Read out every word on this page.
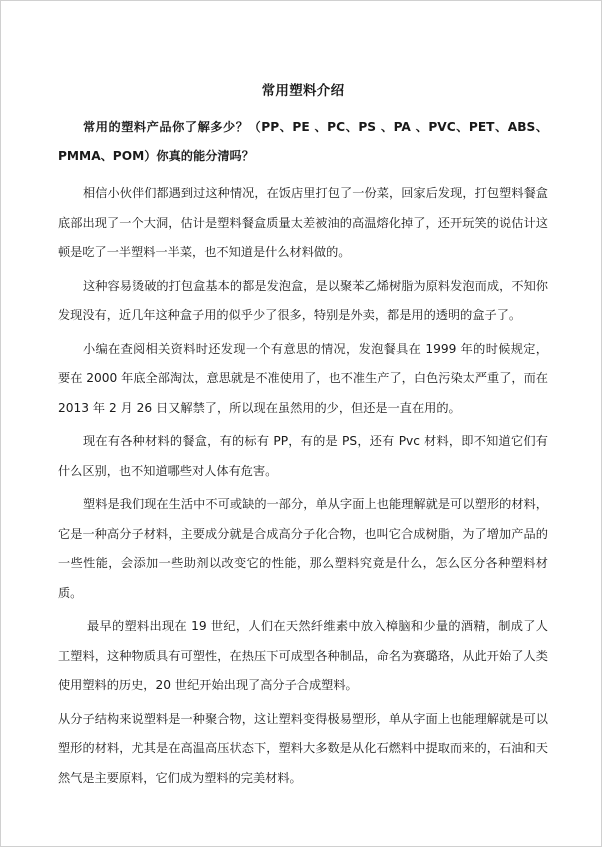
常用塑料介绍
常用的塑料产品你了解多少？（PP、PE 、PC、PS 、PA 、PVC、PET、ABS、PMMA、POM）你真的能分清吗？

相信小伙伴们都遇到过这种情况，在饭店里打包了一份菜，回家后发现，打包塑料餐盒底部出现了一个大洞，估计是塑料餐盒质量太差被油的高温熔化掉了，还开玩笑的说估计这顿是吃了一半塑料一半菜，也不知道是什么材料做的。

这种容易烫破的打包盒基本的都是发泡盒，是以聚苯乙烯树脂为原料发泡而成，不知你发现没有，近几年这种盒子用的似乎少了很多，特别是外卖，都是用的透明的盒子了。

小编在查阅相关资料时还发现一个有意思的情况，发泡餐具在 1999 年的时候规定，要在 2000 年底全部淘汰，意思就是不准使用了，也不准生产了，白色污染太严重了，而在 2013 年 2 月 26 日又解禁了，所以现在虽然用的少，但还是一直在用的。

现在有各种材料的餐盒，有的标有 PP，有的是 PS，还有 Pvc 材料，即不知道它们有什么区别，也不知道哪些对人体有危害。

塑料是我们现在生活中不可或缺的一部分，单从字面上也能理解就是可以塑形的材料，它是一种高分子材料，主要成分就是合成高分子化合物，也叫它合成树脂，为了增加产品的一些性能，会添加一些助剂以改变它的性能，那么塑料究竟是什么，怎么区分各种塑料材质。

最早的塑料出现在 19 世纪，人们在天然纤维素中放入樟脑和少量的酒精，制成了人工塑料，这种物质具有可塑性，在热压下可成型各种制品，命名为赛璐珞，从此开始了人类使用塑料的历史，20 世纪开始出现了高分子合成塑料。

从分子结构来说塑料是一种聚合物，这让塑料变得极易塑形，单从字面上也能理解就是可以塑形的材料，尤其是在高温高压状态下，塑料大多数是从化石燃料中提取而来的，石油和天然气是主要原料，它们成为塑料的完美材料。
